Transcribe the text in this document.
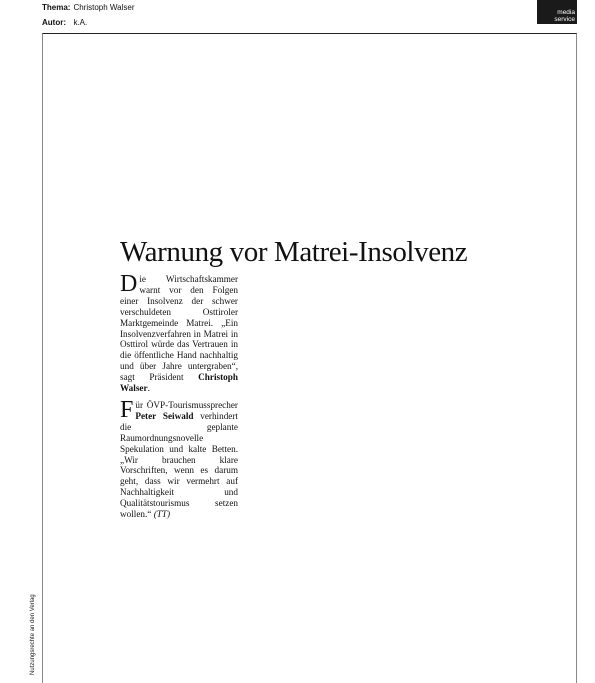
Thema: Christoph Walser
Autor: k.A.
media
service
Nutzungsrechte an den Verlag
Warnung vor Matrei-Insolvenz

Die Wirtschaftskammer warnt vor den Folgen einer Insolvenz der schwer verschuldeten Osttiroler Marktgemeinde Matrei. „Ein Insolvenzverfahren in Matrei in Osttirol würde das Vertrauen in die öffentliche Hand nachhaltig und über Jahre untergraben“, sagt Präsident Christoph Walser.

Für ÖVP-Tourismussprecher Peter Seiwald verhindert die geplante Raumordnungsnovelle Spekulation und kalte Betten. „Wir brauchen klare Vorschriften, wenn es darum geht, dass wir vermehrt auf Nachhaltigkeit und Qualitätstourismus setzen wollen.“ (TT)
